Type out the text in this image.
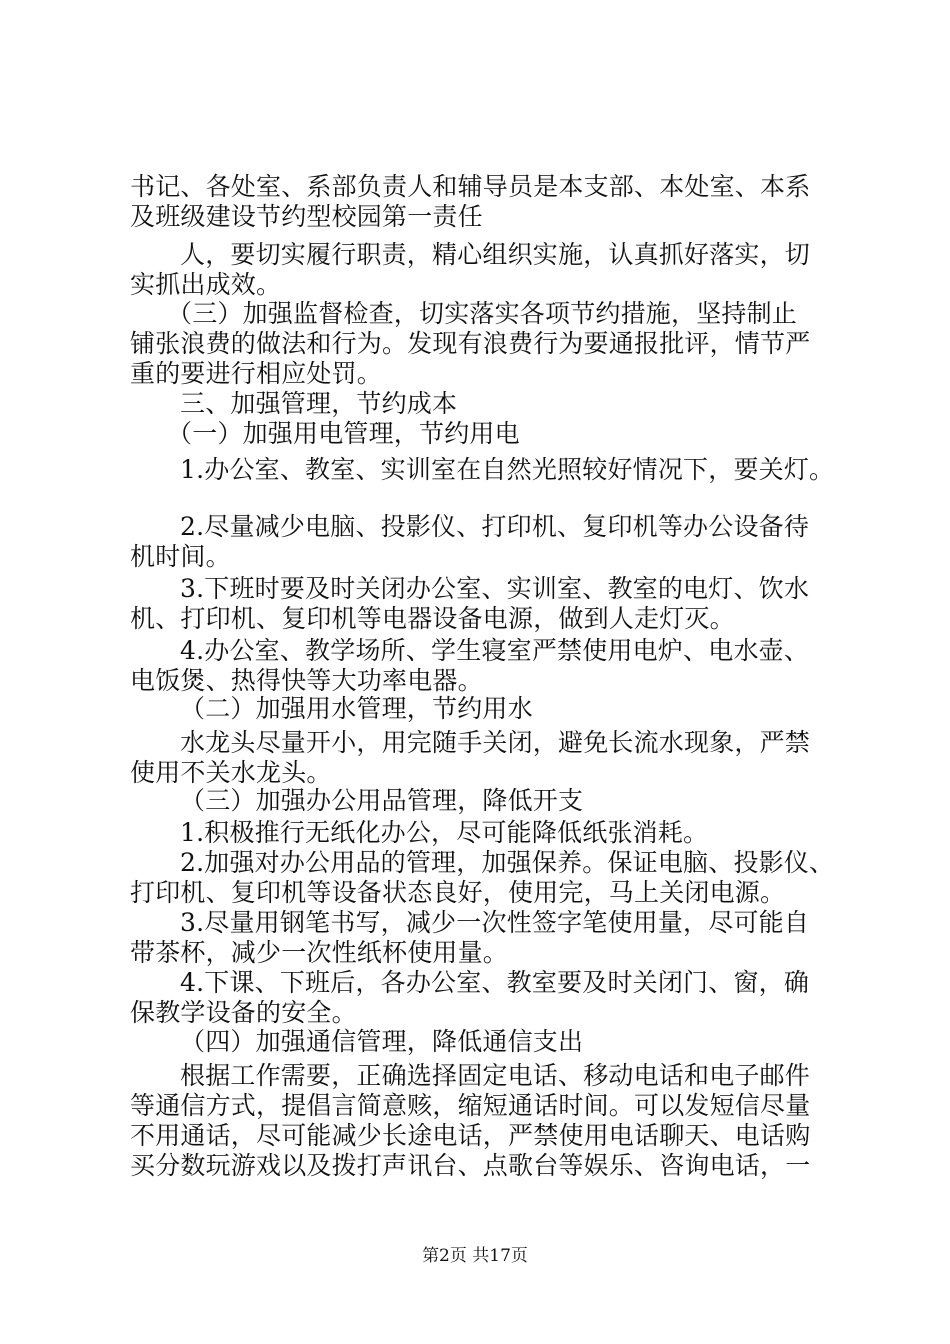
书记、各处室、系部负责人和辅导员是本支部、本处室、本系
及班级建设节约型校园第一责任
人，要切实履行职责，精心组织实施，认真抓好落实，切
实抓出成效。
（三）加强监督检查，切实落实各项节约措施，坚持制止
铺张浪费的做法和行为。发现有浪费行为要通报批评，情节严
重的要进行相应处罚。
三、加强管理，节约成本
（一）加强用电管理，节约用电
1.办公室、教室、实训室在自然光照较好情况下，要关灯。
2.尽量减少电脑、投影仪、打印机、复印机等办公设备待
机时间。
3.下班时要及时关闭办公室、实训室、教室的电灯、饮水
机、打印机、复印机等电器设备电源，做到人走灯灭。
4.办公室、教学场所、学生寝室严禁使用电炉、电水壶、
电饭煲、热得快等大功率电器。
（二）加强用水管理，节约用水
水龙头尽量开小，用完随手关闭，避免长流水现象，严禁
使用不关水龙头。
（三）加强办公用品管理，降低开支
1.积极推行无纸化办公，尽可能降低纸张消耗。
2.加强对办公用品的管理，加强保养。保证电脑、投影仪、
打印机、复印机等设备状态良好，使用完，马上关闭电源。
3.尽量用钢笔书写，减少一次性签字笔使用量，尽可能自
带茶杯，减少一次性纸杯使用量。
4.下课、下班后，各办公室、教室要及时关闭门、窗，确
保教学设备的安全。
（四）加强通信管理，降低通信支出
根据工作需要，正确选择固定电话、移动电话和电子邮件
等通信方式，提倡言简意赅，缩短通话时间。可以发短信尽量
不用通话，尽可能减少长途电话，严禁使用电话聊天、电话购
买分数玩游戏以及拨打声讯台、点歌台等娱乐、咨询电话，一
第2页 共17页
